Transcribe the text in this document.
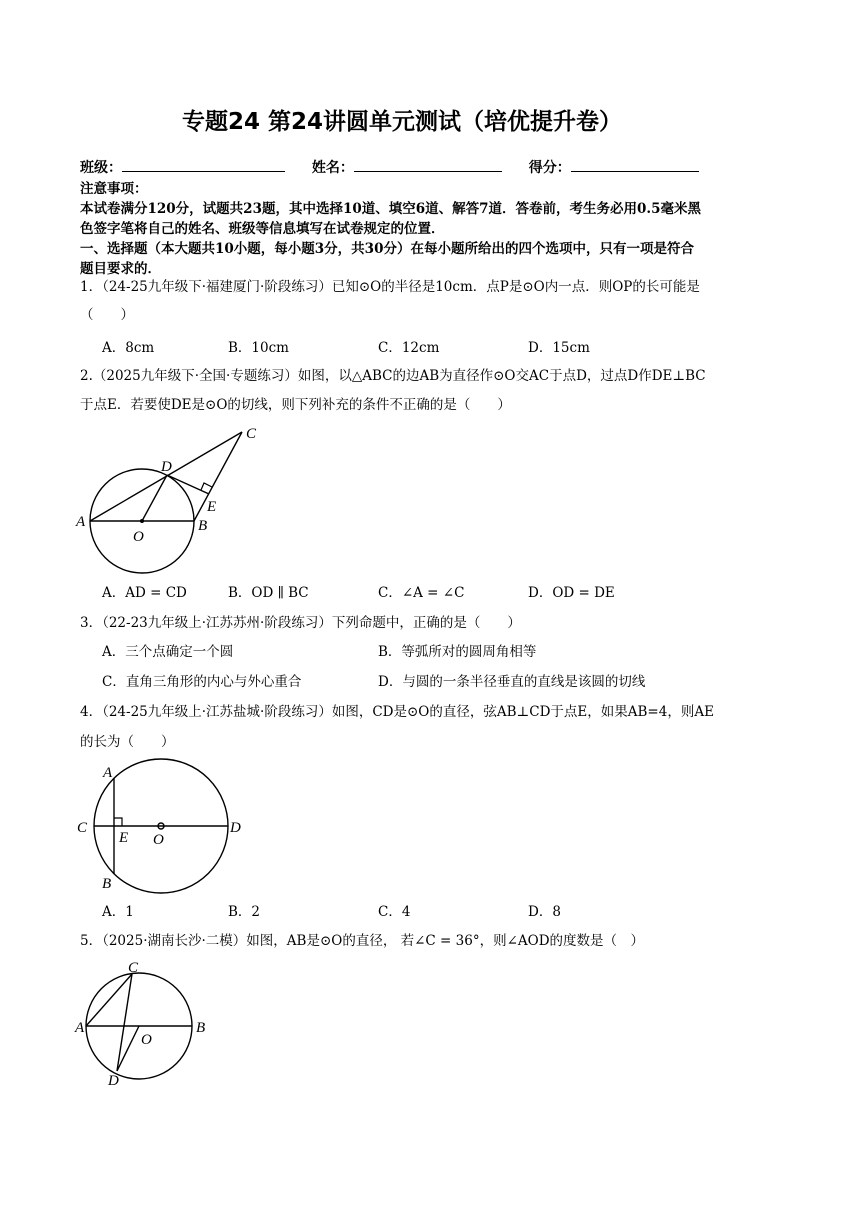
专题24 第24讲圆单元测试（培优提升卷）
班级：	姓名：	得分：
注意事项：
本试卷满分120分，试题共23题，其中选择10道、填空6道、解答7道．答卷前，考生务必用0.5毫米黑
色签字笔将自己的姓名、班级等信息填写在试卷规定的位置．
一、选择题（本大题共10小题，每小题3分，共30分）在每小题所给出的四个选项中，只有一项是符合
题目要求的．
1．（24-25九年级下·福建厦门·阶段练习）已知⊙O的半径是10cm．点P是⊙O内一点．则OP的长可能是
（　　）
A．8cm	B．10cm	C．12cm	D．15cm
2.（2025九年级下·全国·专题练习）如图，以△ABC的边AB为直径作⊙O交AC于点D，过点D作DE⊥BC
于点E．若要使DE是⊙O的切线，则下列补充的条件不正确的是（　　）
A	B
C
D
E
O
A．AD = CD	B．OD ∥ BC	C．∠A = ∠C	D．OD = DE
3．（22-23九年级上·江苏苏州·阶段练习）下列命题中，正确的是（　　）
A．三个点确定一个圆	B．等弧所对的圆周角相等
C．直角三角形的内心与外心重合	D．与圆的一条半径垂直的直线是该圆的切线
4．（24-25九年级上·江苏盐城·阶段练习）如图，CD是⊙O的直径，弦AB⊥CD于点E，如果AB=4，则AE
的长为（　　）
A
B
C	D
E O
A．1	B．2	C．4	D．8
5．（2025·湖南长沙·二模）如图，AB是⊙O的直径， 若∠C = 36°，则∠AOD的度数是（　）
A	B
C
D
O
